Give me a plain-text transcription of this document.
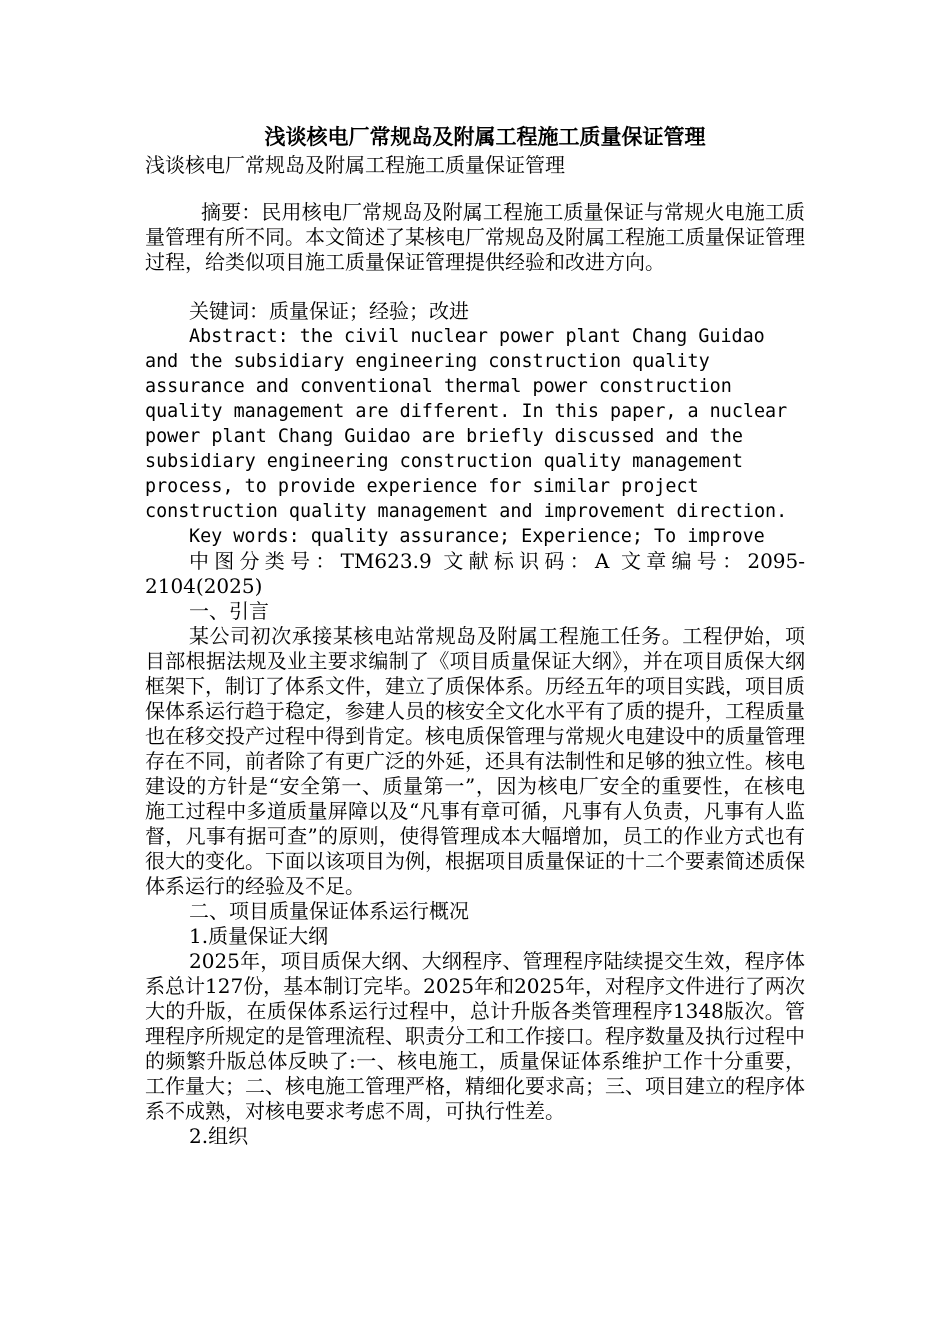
浅谈核电厂常规岛及附属工程施工质量保证管理
浅谈核电厂常规岛及附属工程施工质量保证管理

摘要：民用核电厂常规岛及附属工程施工质量保证与常规火电施工质量管理有所不同。本文简述了某核电厂常规岛及附属工程施工质量保证管理过程，给类似项目施工质量保证管理提供经验和改进方向。

关键词：质量保证；经验；改进

Abstract: the civil nuclear power plant Chang Guidao and the subsidiary engineering construction quality assurance and conventional thermal power construction quality management are different. In this paper, a nuclear power plant Chang Guidao are briefly discussed and the subsidiary engineering construction quality management process, to provide experience for similar project construction quality management and improvement direction.

Key words: quality assurance; Experience; To improve

中图分类号：TM623.9 文献标识码：A 文章编号：2095-2104(2025)

一、引言

某公司初次承接某核电站常规岛及附属工程施工任务。工程伊始，项目部根据法规及业主要求编制了《项目质量保证大纲》，并在项目质保大纲框架下，制订了体系文件，建立了质保体系。历经五年的项目实践，项目质保体系运行趋于稳定，参建人员的核安全文化水平有了质的提升，工程质量也在移交投产过程中得到肯定。核电质保管理与常规火电建设中的质量管理存在不同，前者除了有更广泛的外延，还具有法制性和足够的独立性。核电建设的方针是“安全第一、质量第一”，因为核电厂安全的重要性，在核电施工过程中多道质量屏障以及“凡事有章可循，凡事有人负责，凡事有人监督，凡事有据可查”的原则，使得管理成本大幅增加，员工的作业方式也有很大的变化。下面以该项目为例，根据项目质量保证的十二个要素简述质保体系运行的经验及不足。

二、项目质量保证体系运行概况

1.质量保证大纲

2025年，项目质保大纲、大纲程序、管理程序陆续提交生效，程序体系总计127份，基本制订完毕。2025年和2025年，对程序文件进行了两次大的升版，在质保体系运行过程中，总计升版各类管理程序1348版次。管理程序所规定的是管理流程、职责分工和工作接口。程序数量及执行过程中的频繁升版总体反映了:一、核电施工，质量保证体系维护工作十分重要，工作量大；二、核电施工管理严格，精细化要求高；三、项目建立的程序体系不成熟，对核电要求考虑不周，可执行性差。

2.组织
